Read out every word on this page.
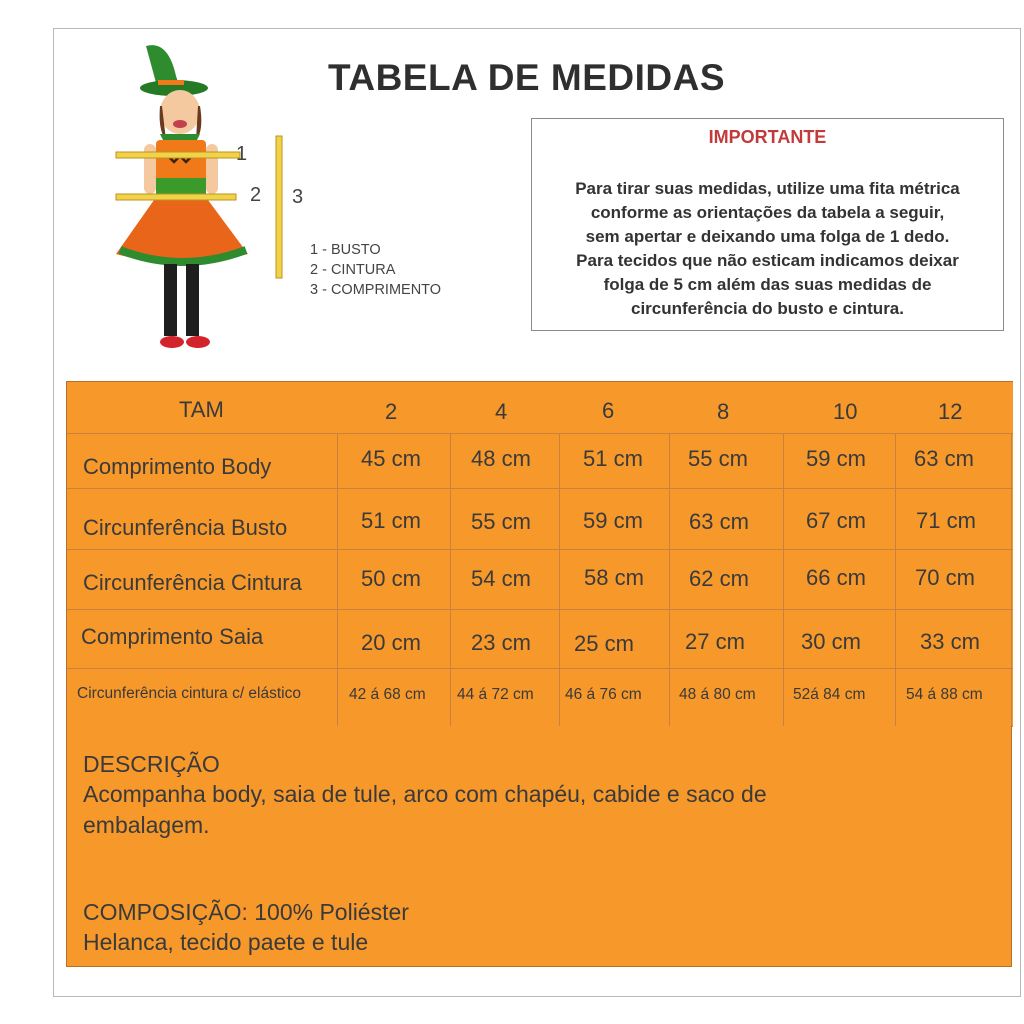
TABELA DE MEDIDAS
1
2 3
1 - BUSTO
2 - CINTURA
3 - COMPRIMENTO
IMPORTANTE
Para tirar suas medidas, utilize uma fita métrica
conforme as orientações da tabela a seguir,
sem apertar e deixando uma folga de 1 dedo.
Para tecidos que não esticam indicamos deixar
folga de 5 cm além das suas medidas de
circunferência do busto e cintura.
TAM	2	4	6	8	10	12
Comprimento Body	45 cm 48 cm 51 cm 55 cm	59 cm 63 cm
Circunferência Busto	51 cm 55 cm 59 cm 63 cm	67 cm 71 cm
Circunferência Cintura	50 cm 54 cm 58 cm 62 cm	66 cm 70 cm
Comprimento Saia	20 cm 23 cm 25 cm 27 cm	30 cm	33 cm
Circunferência cintura c/ elástico	42 á 68 cm 44 á 72 cm 46 á 76 cm 48 á 80 cm 52á 84 cm	54 á 88 cm
DESCRIÇÃO
Acompanha body, saia de tule, arco com chapéu, cabide e saco de
embalagem.
COMPOSIÇÃO: 100% Poliéster
Helanca, tecido paete e tule
